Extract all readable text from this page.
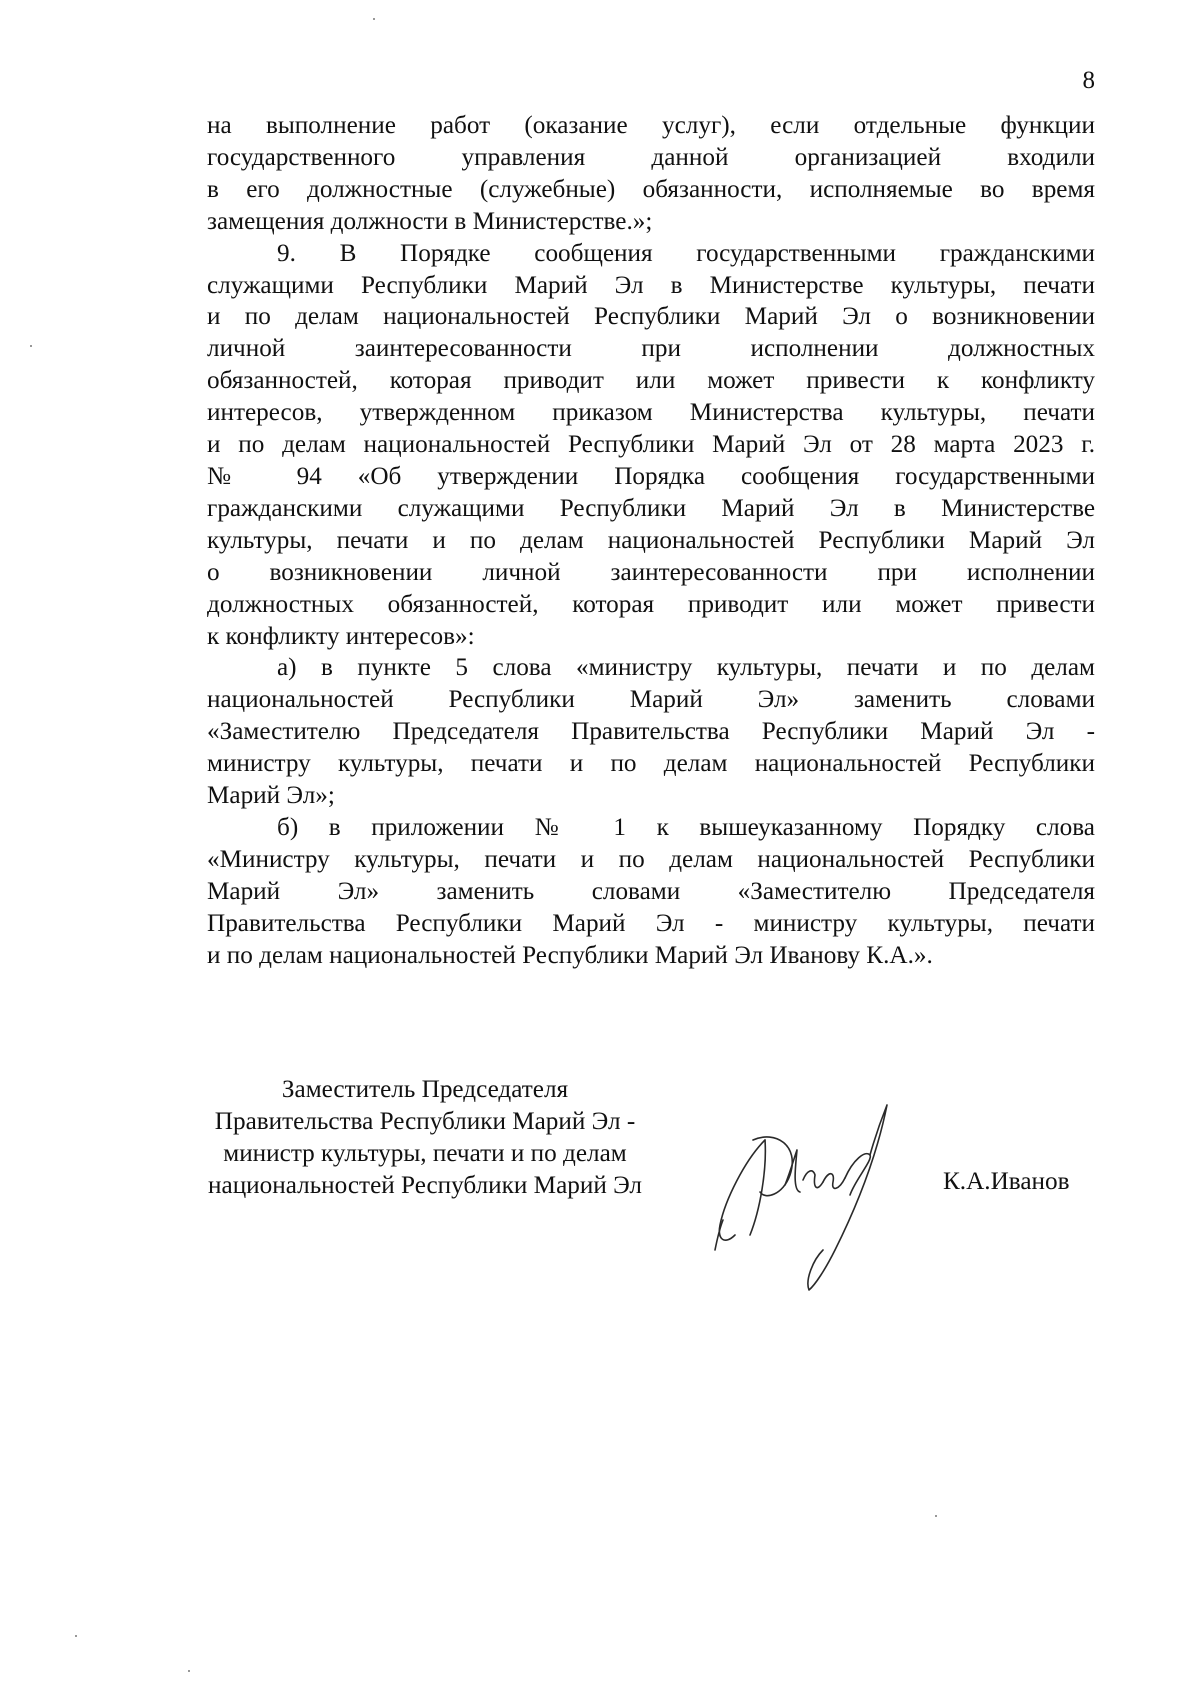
8
на выполнение работ (оказание услуг), если отдельные функции
государственного управления данной организацией входили
в его должностные (служебные) обязанности, исполняемые во время
замещения должности в Министерстве.»;
9. В Порядке сообщения государственными гражданскими
служащими Республики Марий Эл в Министерстве культуры, печати
и по делам национальностей Республики Марий Эл о возникновении
личной заинтересованности при исполнении должностных
обязанностей, которая приводит или может привести к конфликту
интересов, утвержденном приказом Министерства культуры, печати
и по делам национальностей Республики Марий Эл от 28 марта 2023 г.
№ 94 «Об утверждении Порядка сообщения государственными
гражданскими служащими Республики Марий Эл в Министерстве
культуры, печати и по делам национальностей Республики Марий Эл
о возникновении личной заинтересованности при исполнении
должностных обязанностей, которая приводит или может привести
к конфликту интересов»:
а) в пункте 5 слова «министру культуры, печати и по делам
национальностей Республики Марий Эл» заменить словами
«Заместителю Председателя Правительства Республики Марий Эл -
министру культуры, печати и по делам национальностей Республики
Марий Эл»;
б) в приложении № 1 к вышеуказанному Порядку слова
«Министру культуры, печати и по делам национальностей Республики
Марий Эл» заменить словами «Заместителю Председателя
Правительства Республики Марий Эл - министру культуры, печати
и по делам национальностей Республики Марий Эл Иванову К.А.».
Заместитель Председателя
Правительства Республики Марий Эл -
министр культуры, печати и по делам
национальностей Республики Марий Эл	К.А.Иванов
